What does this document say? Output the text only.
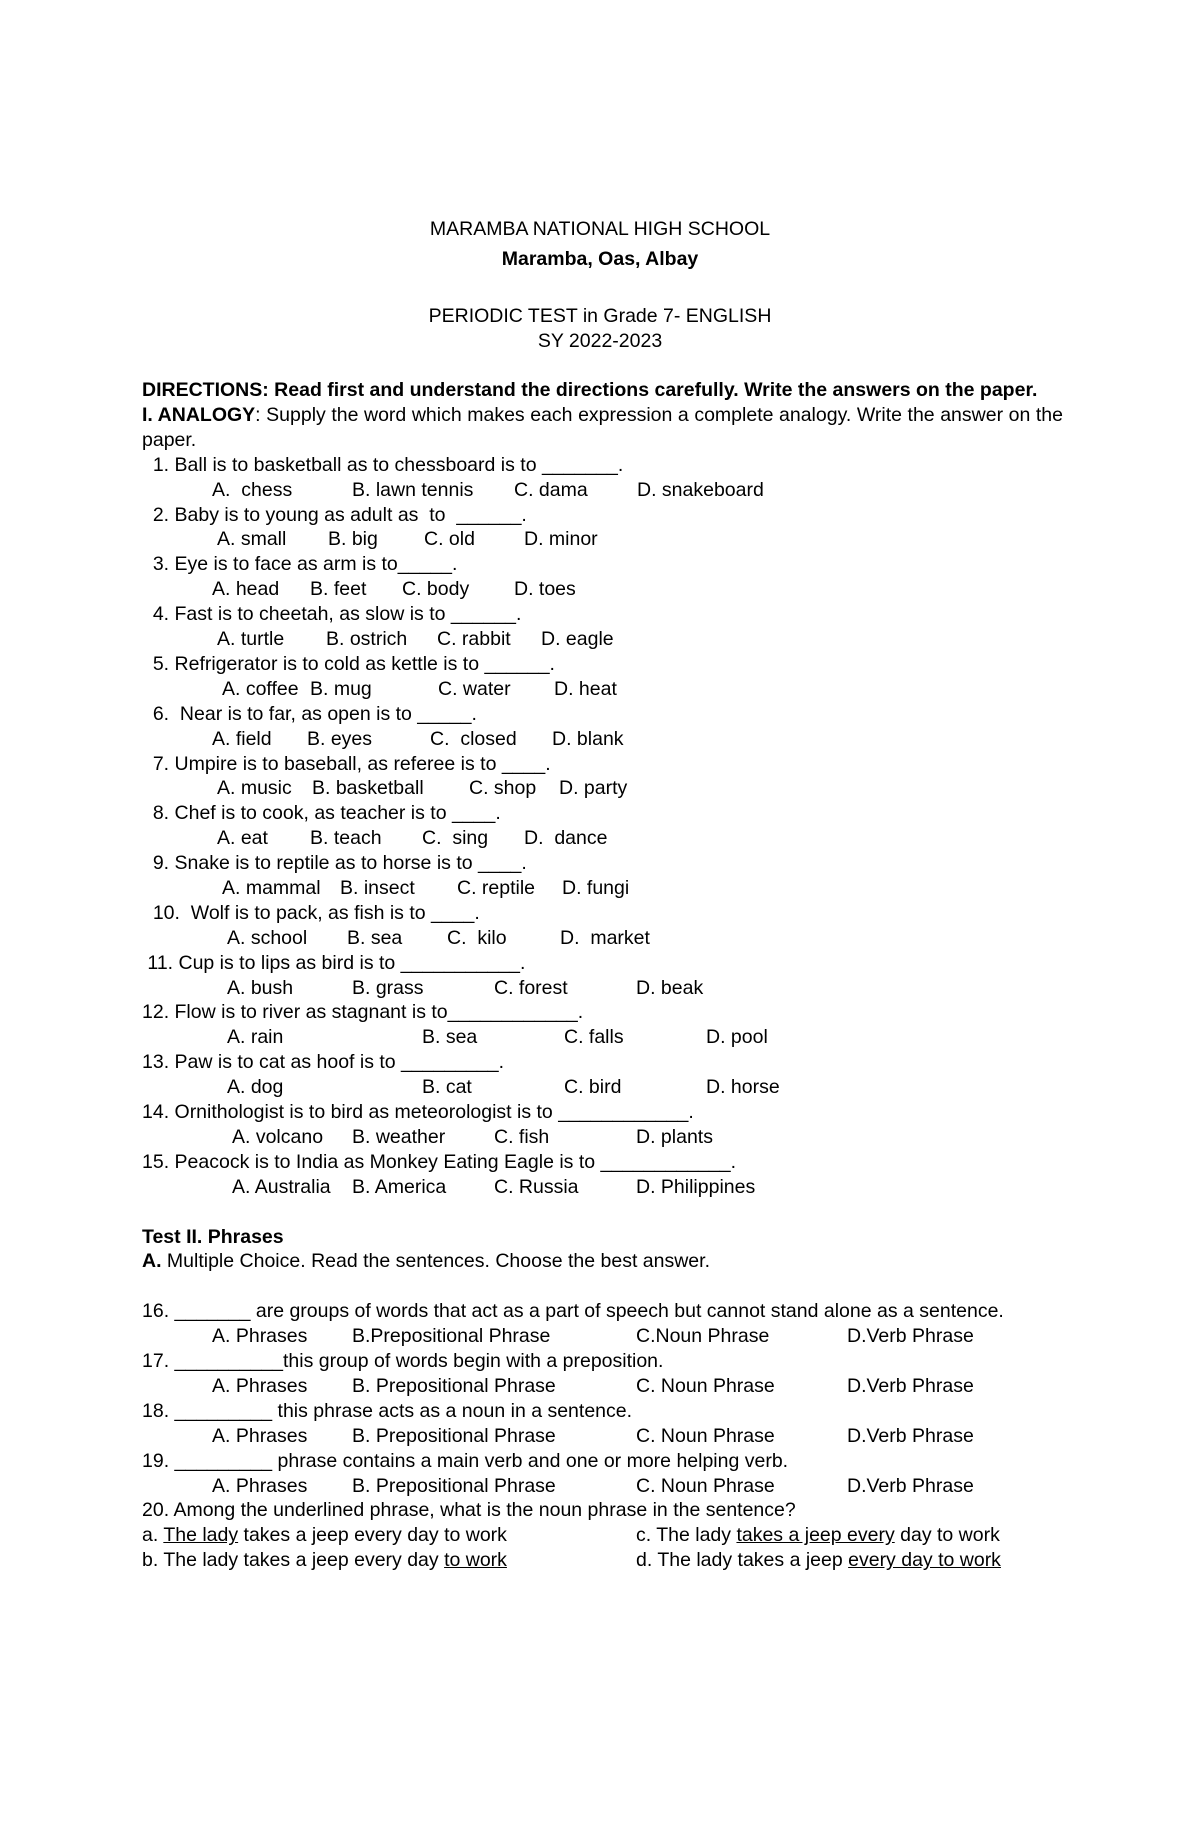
MARAMBA NATIONAL HIGH SCHOOL
Maramba, Oas, Albay
PERIODIC TEST in Grade 7- ENGLISH
SY 2022-2023
DIRECTIONS: Read first and understand the directions carefully. Write the answers on the paper.
I. ANALOGY: Supply the word which makes each expression a complete analogy. Write the answer on the paper.
1. Ball is to basketball as to chessboard is to _______.
A.  chess	B. lawn tennis C. dama	D. snakeboard
2. Baby is to young as adult as  to  ______.
A. small B. big C. old	D. minor
3. Eye is to face as arm is to_____.
A. head B. feet C. body D. toes
4. Fast is to cheetah, as slow is to ______.
A. turtle B. ostrich C. rabbit D. eagle
5. Refrigerator is to cold as kettle is to ______.
A. coffee B. mug	C. water D. heat
6.  Near is to far, as open is to _____.
A. field B. eyes	C.  closed D. blank
7. Umpire is to baseball, as referee is to ____.
A. music B. basketball C. shop D. party
8. Chef is to cook, as teacher is to ____.
A. eat B. teach C.  sing D.  dance
9. Snake is to reptile as to horse is to ____.
A. mammal B. insect C. reptile D. fungi
10.  Wolf is to pack, as fish is to ____.
A. school B. sea C.  kilo	D.  market
11. Cup is to lips as bird is to ___________.
A. bush	B. grass	C. forest	D. beak
12. Flow is to river as stagnant is to____________.
A. rain	B. sea	C. falls	D. pool
13. Paw is to cat as hoof is to _________.
A. dog	B. cat	C. bird	D. horse
14. Ornithologist is to bird as meteorologist is to ____________.
A. volcano B. weather	C. fish	D. plants
15. Peacock is to India as Monkey Eating Eagle is to ____________.
A. Australia B. America C. Russia	D. Philippines
Test II. Phrases
A. Multiple Choice. Read the sentences. Choose the best answer.
16. _______ are groups of words that act as a part of speech but cannot stand alone as a sentence.
A. Phrases B.Prepositional Phrase	C.Noun Phrase	D.Verb Phrase
17. __________this group of words begin with a preposition.
A. Phrases B. Prepositional Phrase	C. Noun Phrase	D.Verb Phrase
18. _________ this phrase acts as a noun in a sentence.
A. Phrases B. Prepositional Phrase	C. Noun Phrase	D.Verb Phrase
19. _________ phrase contains a main verb and one or more helping verb.
A. Phrases B. Prepositional Phrase	C. Noun Phrase	D.Verb Phrase
20. Among the underlined phrase, what is the noun phrase in the sentence?
a. The lady takes a jeep every day to work	c. The lady takes a jeep every day to work
b. The lady takes a jeep every day to work	d. The lady takes a jeep every day to work
